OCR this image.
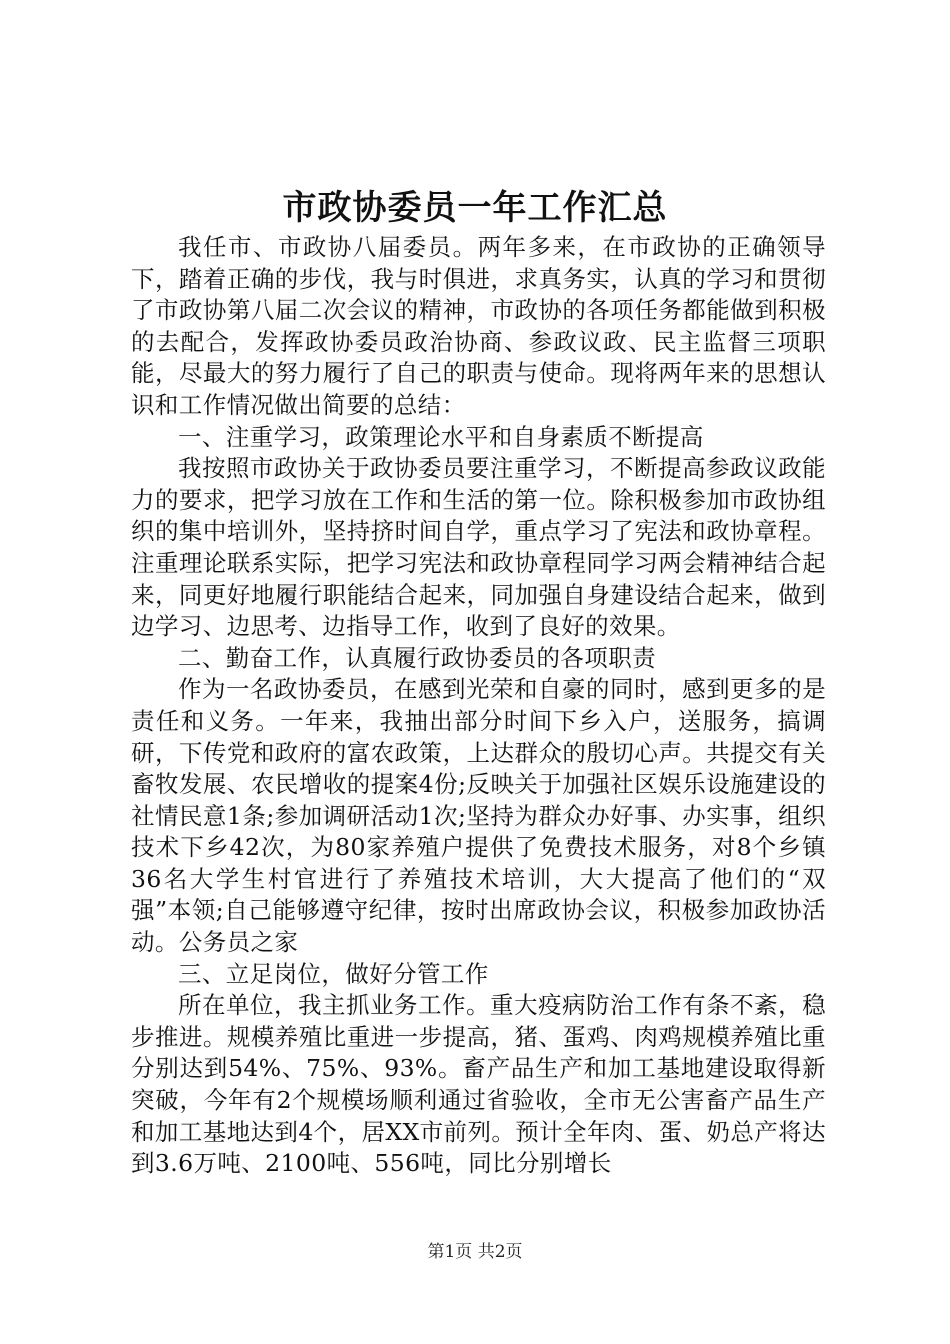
市政协委员一年工作汇总

我任市、市政协八届委员。两年多来，在市政协的正确领导下，踏着正确的步伐，我与时俱进，求真务实，认真的学习和贯彻了市政协第八届二次会议的精神，市政协的各项任务都能做到积极的去配合，发挥政协委员政治协商、参政议政、民主监督三项职能，尽最大的努力履行了自己的职责与使命。现将两年来的思想认识和工作情况做出简要的总结：

一、注重学习，政策理论水平和自身素质不断提高

我按照市政协关于政协委员要注重学习，不断提高参政议政能力的要求，把学习放在工作和生活的第一位。除积极参加市政协组织的集中培训外，坚持挤时间自学，重点学习了宪法和政协章程。注重理论联系实际，把学习宪法和政协章程同学习两会精神结合起来，同更好地履行职能结合起来，同加强自身建设结合起来，做到边学习、边思考、边指导工作，收到了良好的效果。

二、勤奋工作，认真履行政协委员的各项职责

作为一名政协委员，在感到光荣和自豪的同时，感到更多的是责任和义务。一年来，我抽出部分时间下乡入户，送服务，搞调研，下传党和政府的富农政策，上达群众的殷切心声。共提交有关畜牧发展、农民增收的提案4份;反映关于加强社区娱乐设施建设的社情民意1条;参加调研活动1次;坚持为群众办好事、办实事，组织技术下乡42次，为80家养殖户提供了免费技术服务，对8个乡镇36名大学生村官进行了养殖技术培训，大大提高了他们的“双强”本领;自己能够遵守纪律，按时出席政协会议，积极参加政协活动。公务员之家

三、立足岗位，做好分管工作

所在单位，我主抓业务工作。重大疫病防治工作有条不紊，稳步推进。规模养殖比重进一步提高，猪、蛋鸡、肉鸡规模养殖比重分别达到54%、75%、93%。畜产品生产和加工基地建设取得新突破，今年有2个规模场顺利通过省验收，全市无公害畜产品生产和加工基地达到4个，居XX市前列。预计全年肉、蛋、奶总产将达到3.6万吨、2100吨、556吨，同比分别增长

第1页 共2页
